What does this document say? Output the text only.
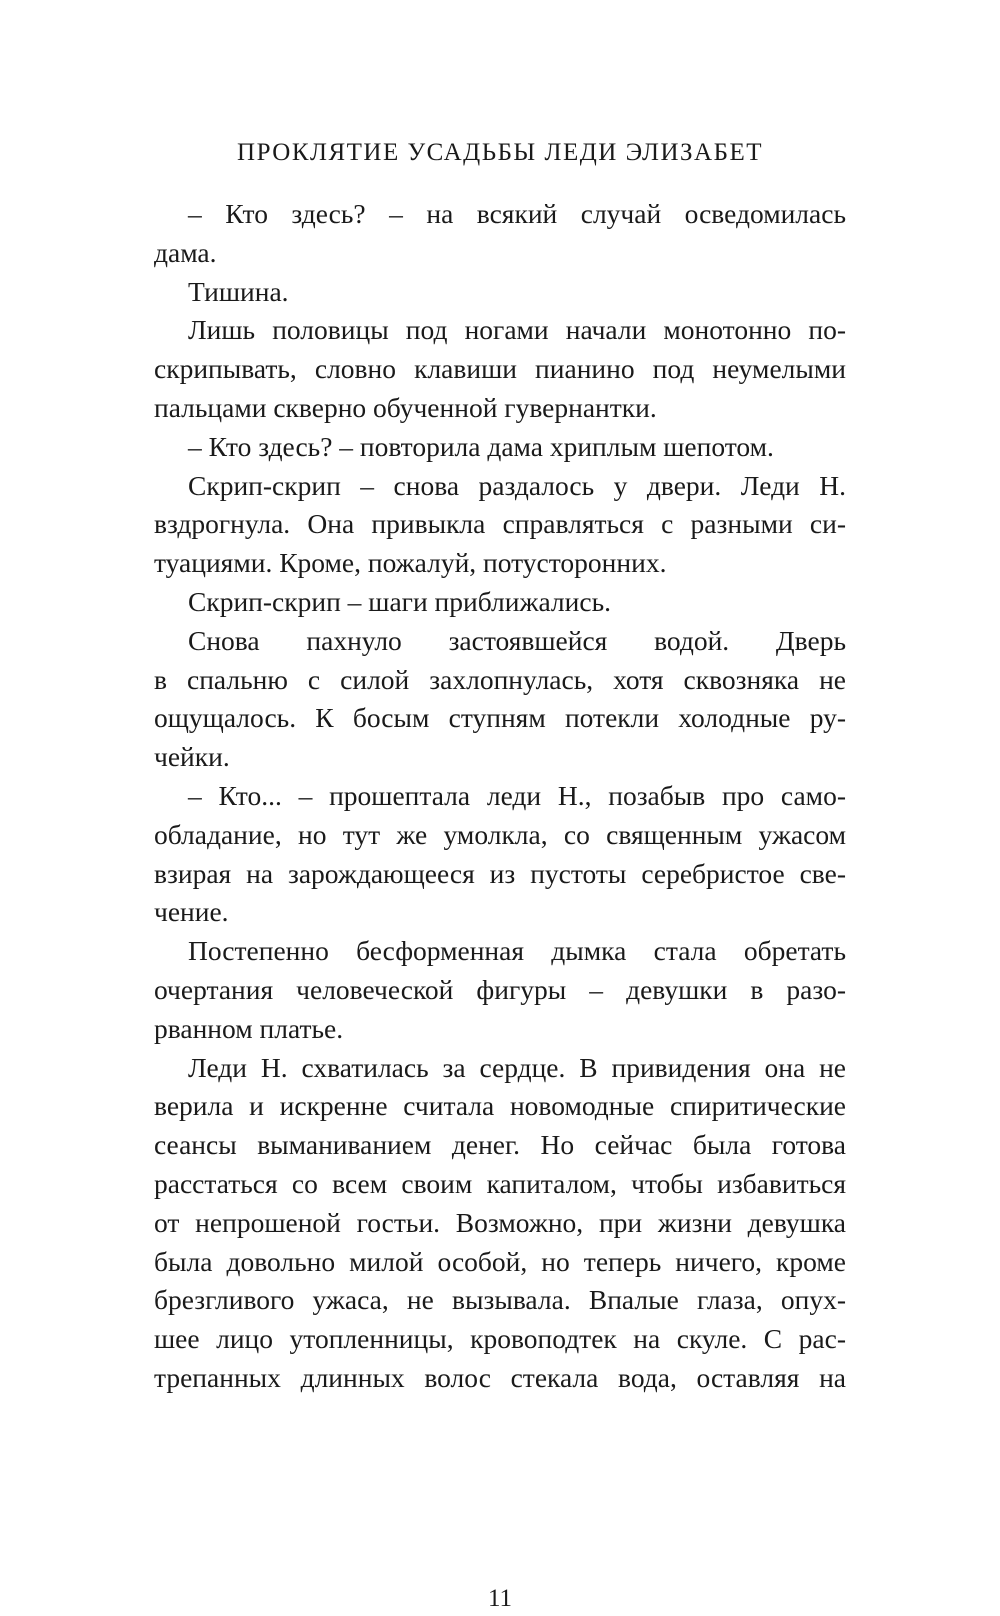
ПРОКЛЯТИЕ УСАДЬБЫ ЛЕДИ ЭЛИЗАБЕТ
– Кто здесь? – на всякий случай осведомилась
дама.
Тишина.
Лишь половицы под ногами начали монотонно по-
скрипывать, словно клавиши пианино под неумелыми
пальцами скверно обученной гувернантки.
– Кто здесь? – повторила дама хриплым шепотом.
Скрип-скрип – снова раздалось у двери. Леди Н.
вздрогнула. Она привыкла справляться с разными си-
туациями. Кроме, пожалуй, потусторонних.
Скрип-скрип – шаги приближались.
Снова пахнуло застоявшейся водой. Дверь
в спальню с силой захлопнулась, хотя сквозняка не
ощущалось. К босым ступням потекли холодные ру-
чейки.
– Кто... – прошептала леди Н., позабыв про само-
обладание, но тут же умолкла, со священным ужасом
взирая на зарождающееся из пустоты серебристое све-
чение.
Постепенно бесформенная дымка стала обретать
очертания человеческой фигуры – девушки в разо-
рванном платье.
Леди Н. схватилась за сердце. В привидения она не
верила и искренне считала новомодные спиритические
сеансы выманиванием денег. Но сейчас была готова
расстаться со всем своим капиталом, чтобы избавиться
от непрошеной гостьи. Возможно, при жизни девушка
была довольно милой особой, но теперь ничего, кроме
брезгливого ужаса, не вызывала. Впалые глаза, опух-
шее лицо утопленницы, кровоподтек на скуле. С рас-
трепанных длинных волос стекала вода, оставляя на
11
